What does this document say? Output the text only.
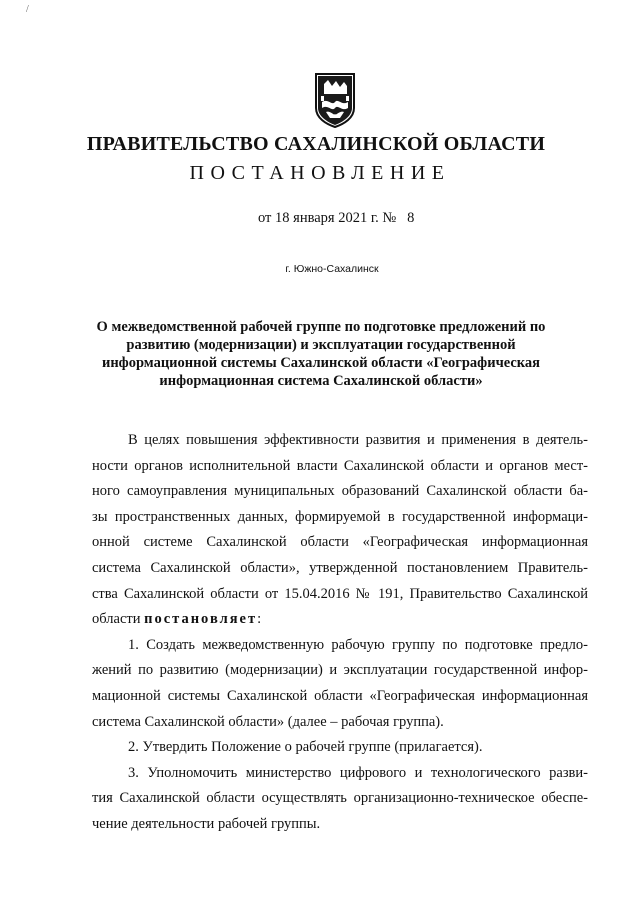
/
ПРАВИТЕЛЬСТВО САХАЛИНСКОЙ ОБЛАСТИ
ПОСТАНОВЛЕНИЕ
от 18 января 2021 г. №   8
г. Южно-Сахалинск
О межведомственной рабочей группе по подготовке предложений по
развитию (модернизации) и эксплуатации государственной
информационной системы Сахалинской области «Географическая
информационная система Сахалинской области»
В целях повышения эффективности развития и применения в деятель-
ности органов исполнительной власти Сахалинской области и органов мест-
ного самоуправления муниципальных образований Сахалинской области ба-
зы пространственных данных, формируемой в государственной информаци-
онной системе Сахалинской области «Географическая информационная
система Сахалинской области», утвержденной постановлением Правитель-
ства Сахалинской области от 15.04.2016 № 191, Правительство Сахалинской
области постановляет:
1. Создать межведомственную рабочую группу по подготовке предло-
жений по развитию (модернизации) и эксплуатации государственной инфор-
мационной системы Сахалинской области «Географическая информационная
система Сахалинской области» (далее – рабочая группа).
2. Утвердить Положение о рабочей группе (прилагается).
3. Уполномочить министерство цифрового и технологического разви-
тия Сахалинской области осуществлять организационно-техническое обеспе-
чение деятельности рабочей группы.
